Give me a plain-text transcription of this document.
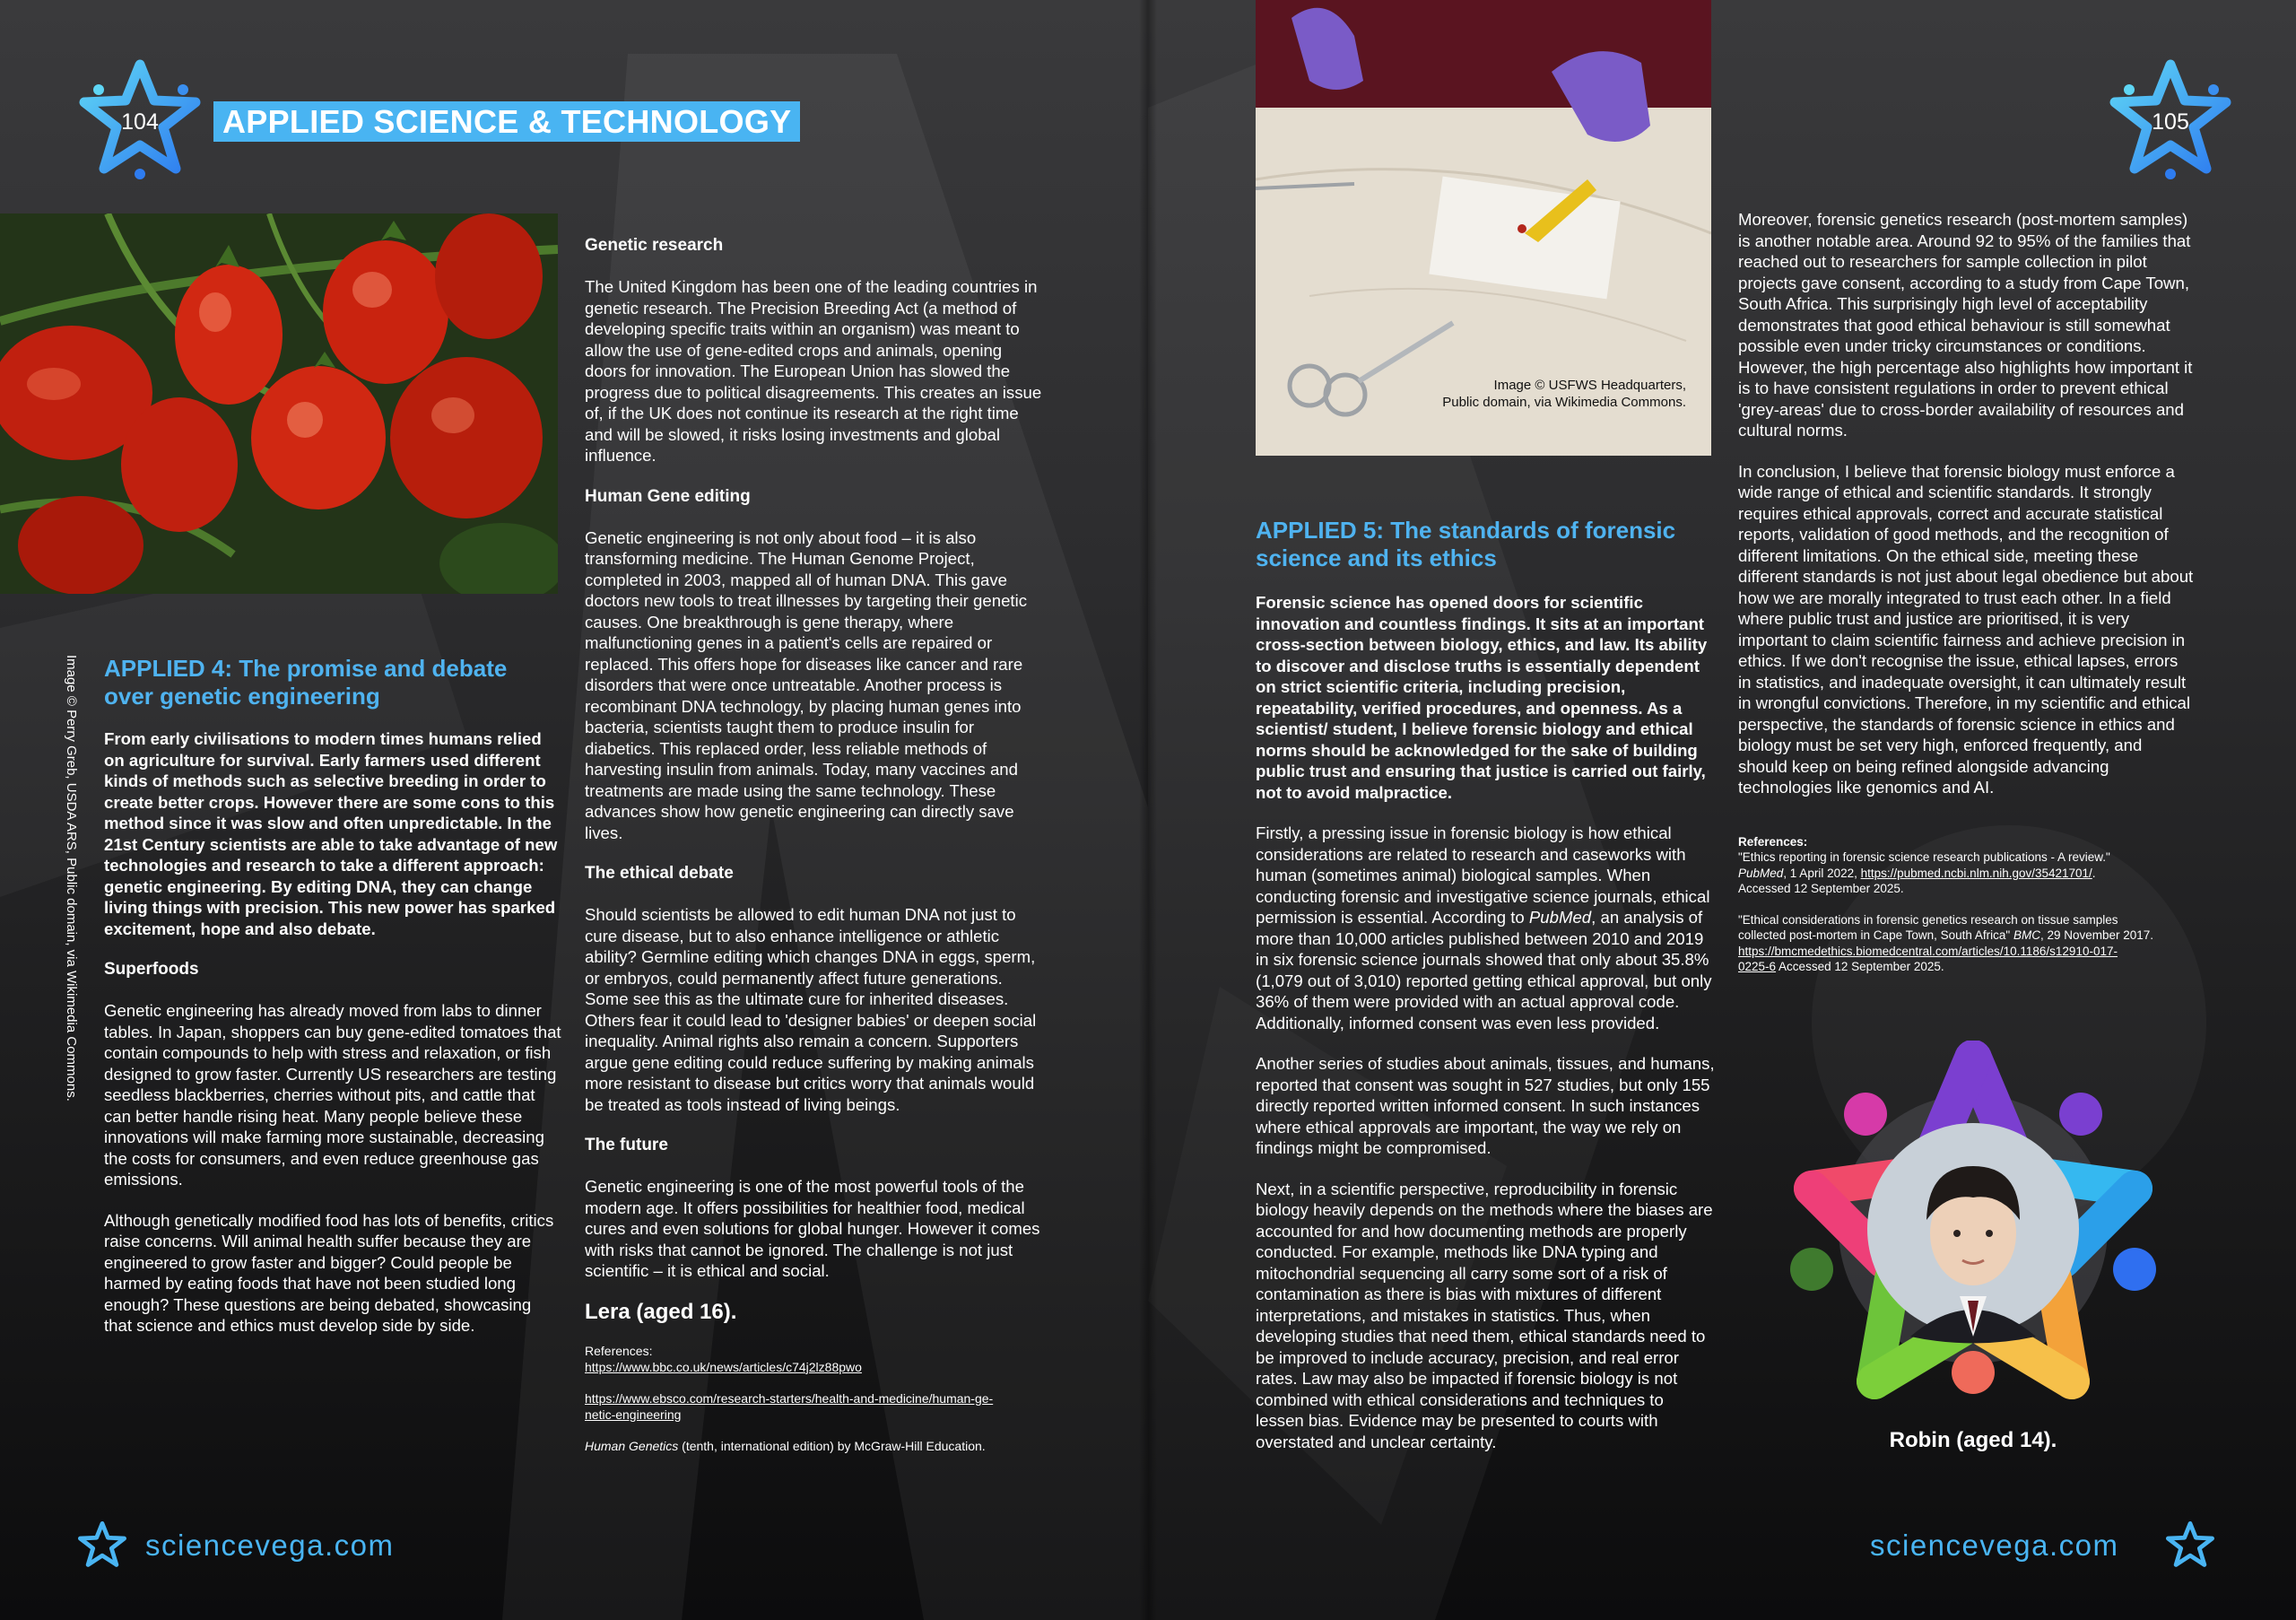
104	APPLIED SCIENCE & TECHNOLOGY
Image © Perry Greb, USDA ARS, Public domain, via Wikimedia Commons. APPLIED 4: The promise and debate over genetic engineering

From early civilisations to modern times humans relied on agriculture for survival. Early farmers used different kinds of methods such as selective breeding in order to create better crops. However there are some cons to this method since it was slow and often unpredictable. In the 21st Century scientists are able to take advantage of new technologies and research to take a different approach: genetic engineering. By editing DNA, they can change living things with precision. This new power has sparked excitement, hope and also debate.

Superfoods

Genetic engineering has already moved from labs to dinner tables. In Japan, shoppers can buy gene-edited tomatoes that contain compounds to help with stress and relaxation, or fish designed to grow faster. Currently US researchers are testing seedless blackberries, cherries without pits, and cattle that can better handle rising heat. Many people believe these innovations will make farming more sustainable, decreasing the costs for consumers, and even reduce greenhouse gas emissions.

Although genetically modified food has lots of benefits, critics raise concerns. Will animal health suffer because they are engineered to grow faster and bigger? Could people be harmed by eating foods that have not been studied long enough? These questions are being debated, showcasing that science and ethics must develop side by side.

Genetic research

The United Kingdom has been one of the leading countries in genetic research. The Precision Breeding Act (a method of developing specific traits within an organism) was meant to allow the use of gene-edited crops and animals, opening doors for innovation. The European Union has slowed the progress due to political disagreements. This creates an issue of, if the UK does not continue its research at the right time and will be slowed, it risks losing investments and global influence.

Human Gene editing

Genetic engineering is not only about food – it is also transforming medicine. The Human Genome Project, completed in 2003, mapped all of human DNA. This gave doctors new tools to treat illnesses by targeting their genetic causes. One breakthrough is gene therapy, where malfunctioning genes in a patient's cells are repaired or replaced. This offers hope for diseases like cancer and rare disorders that were once untreatable. Another process is recombinant DNA technology, by placing human genes into bacteria, scientists taught them to produce insulin for diabetics. This replaced order, less reliable methods of harvesting insulin from animals. Today, many vaccines and treatments are made using the same technology. These advances show how genetic engineering can directly save lives.

The ethical debate

Should scientists be allowed to edit human DNA not just to cure disease, but to also enhance intelligence or athletic ability? Germline editing which changes DNA in eggs, sperm, or embryos, could permanently affect future generations. Some see this as the ultimate cure for inherited diseases. Others fear it could lead to 'designer babies' or deepen social inequality. Animal rights also remain a concern. Supporters argue gene editing could reduce suffering by making animals more resistant to disease but critics worry that animals would be treated as tools instead of living beings.

The future

Genetic engineering is one of the most powerful tools of the modern age. It offers possibilities for healthier food, medical cures and even solutions for global hunger. However it comes with risks that cannot be ignored. The challenge is not just scientific – it is ethical and social.

Lera (aged 16).

References:
https://www.bbc.co.uk/news/articles/c74j2lz88pwo
https://www.ebsco.com/research-starters/health-and-medicine/human-ge-
netic-engineering
Human Genetics (tenth, international edition) by McGraw-Hill Education.
sciencevega.com
Image © USFWS Headquarters,
Public domain, via Wikimedia Commons.
105
APPLIED 5: The standards of forensic science and its ethics

Forensic science has opened doors for scientific innovation and countless findings. It sits at an important cross-section between biology, ethics, and law. Its ability to discover and disclose truths is essentially dependent on strict scientific criteria, including precision, repeatability, verified procedures, and openness. As a scientist/ student, I believe forensic biology and ethical norms should be acknowledged for the sake of building public trust and ensuring that justice is carried out fairly, not to avoid malpractice.

Firstly, a pressing issue in forensic biology is how ethical considerations are related to research and caseworks with human (sometimes animal) biological samples. When conducting forensic and investigative science journals, ethical permission is essential. According to PubMed, an analysis of more than 10,000 articles published between 2010 and 2019 in six forensic science journals showed that only about 35.8% (1,079 out of 3,010) reported getting ethical approval, but only 36% of them were provided with an actual approval code. Additionally, informed consent was even less provided.

Another series of studies about animals, tissues, and humans, reported that consent was sought in 527 studies, but only 155 directly reported written informed consent. In such instances where ethical approvals are important, the way we rely on findings might be compromised.

Next, in a scientific perspective, reproducibility in forensic biology heavily depends on the methods where the biases are accounted for and how documenting methods are properly conducted. For example, methods like DNA typing and mitochondrial sequencing all carry some sort of a risk of contamination as there is bias with mixtures of different interpretations, and mistakes in statistics. Thus, when developing studies that need them, ethical standards need to be improved to include accuracy, precision, and real error rates. Law may also be impacted if forensic biology is not combined with ethical considerations and techniques to lessen bias. Evidence may be presented to courts with overstated and unclear certainty.

Moreover, forensic genetics research (post-mortem samples) is another notable area. Around 92 to 95% of the families that reached out to researchers for sample collection in pilot projects gave consent, according to a study from Cape Town, South Africa. This surprisingly high level of acceptability demonstrates that good ethical behaviour is still somewhat possible even under tricky circumstances or conditions. However, the high percentage also highlights how important it is to have consistent regulations in order to prevent ethical 'grey-areas' due to cross-border availability of resources and cultural norms.

In conclusion, I believe that forensic biology must enforce a wide range of ethical and scientific standards. It strongly requires ethical approvals, correct and accurate statistical reports, validation of good methods, and the recognition of different limitations. On the ethical side, meeting these different standards is not just about legal obedience but about how we are morally integrated to trust each other. In a field where public trust and justice are prioritised, it is very important to claim scientific fairness and achieve precision in ethics. If we don't recognise the issue, ethical lapses, errors in statistics, and inadequate oversight, it can ultimately result in wrongful convictions. Therefore, in my scientific and ethical perspective, the standards of forensic science in ethics and biology must be set very high, enforced frequently, and should keep on being refined alongside advancing technologies like genomics and AI.

References:
"Ethics reporting in forensic science research publications - A review."
PubMed, 1 April 2022, https://pubmed.ncbi.nlm.nih.gov/35421701/.
Accessed 12 September 2025.
"Ethical considerations in forensic genetics research on tissue samples
collected post-mortem in Cape Town, South Africa" BMC, 29 November 2017.
https://bmcmedethics.biomedcentral.com/articles/10.1186/s12910-017-
0225-6 Accessed 12 September 2025.
Robin (aged 14).
sciencevega.com
